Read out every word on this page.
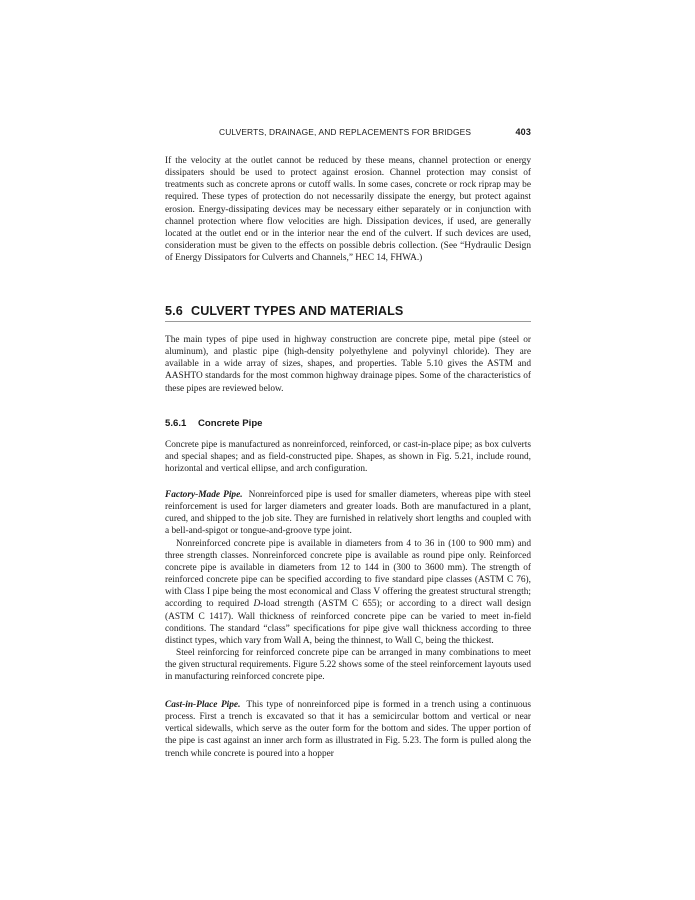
CULVERTS, DRAINAGE, AND REPLACEMENTS FOR BRIDGES	403

If the velocity at the outlet cannot be reduced by these means, channel protection or energy dissipaters should be used to protect against erosion. Channel protection may consist of treatments such as concrete aprons or cutoff walls. In some cases, concrete or rock riprap may be required. These types of protection do not necessarily dissipate the energy, but protect against erosion. Energy-dissipating devices may be necessary either separately or in conjunction with channel protection where flow velocities are high. Dissipation devices, if used, are generally located at the outlet end or in the interior near the end of the culvert. If such devices are used, consideration must be given to the effects on possible debris collection. (See “Hydraulic Design of Energy Dissipators for Culverts and Channels,” HEC 14, FHWA.)

5.6 CULVERT TYPES AND MATERIALS

The main types of pipe used in highway construction are concrete pipe, metal pipe (steel or aluminum), and plastic pipe (high-density polyethylene and polyvinyl chloride). They are available in a wide array of sizes, shapes, and properties. Table 5.10 gives the ASTM and AASHTO standards for the most common highway drainage pipes. Some of the characteristics of these pipes are reviewed below.

5.6.1 Concrete Pipe

Concrete pipe is manufactured as nonreinforced, reinforced, or cast-in-place pipe; as box culverts and special shapes; and as field-constructed pipe. Shapes, as shown in Fig. 5.21, include round, horizontal and vertical ellipse, and arch configuration.

Factory-Made Pipe. Nonreinforced pipe is used for smaller diameters, whereas pipe with steel reinforcement is used for larger diameters and greater loads. Both are manufactured in a plant, cured, and shipped to the job site. They are furnished in relatively short lengths and coupled with a bell-and-spigot or tongue-and-groove type joint.

Nonreinforced concrete pipe is available in diameters from 4 to 36 in (100 to 900 mm) and three strength classes. Nonreinforced concrete pipe is available as round pipe only. Reinforced concrete pipe is available in diameters from 12 to 144 in (300 to 3600 mm). The strength of reinforced concrete pipe can be specified according to five standard pipe classes (ASTM C 76), with Class I pipe being the most economical and Class V offering the greatest structural strength; according to required D-load strength (ASTM C 655); or according to a direct wall design (ASTM C 1417). Wall thickness of reinforced concrete pipe can be varied to meet in-field conditions. The standard “class” specifications for pipe give wall thickness according to three distinct types, which vary from Wall A, being the thinnest, to Wall C, being the thickest.

Steel reinforcing for reinforced concrete pipe can be arranged in many combinations to meet the given structural requirements. Figure 5.22 shows some of the steel reinforcement layouts used in manufacturing reinforced concrete pipe.

Cast-in-Place Pipe. This type of nonreinforced pipe is formed in a trench using a continuous process. First a trench is excavated so that it has a semicircular bottom and vertical or near vertical sidewalls, which serve as the outer form for the bottom and sides. The upper portion of the pipe is cast against an inner arch form as illustrated in Fig. 5.23. The form is pulled along the trench while concrete is poured into a hopper
